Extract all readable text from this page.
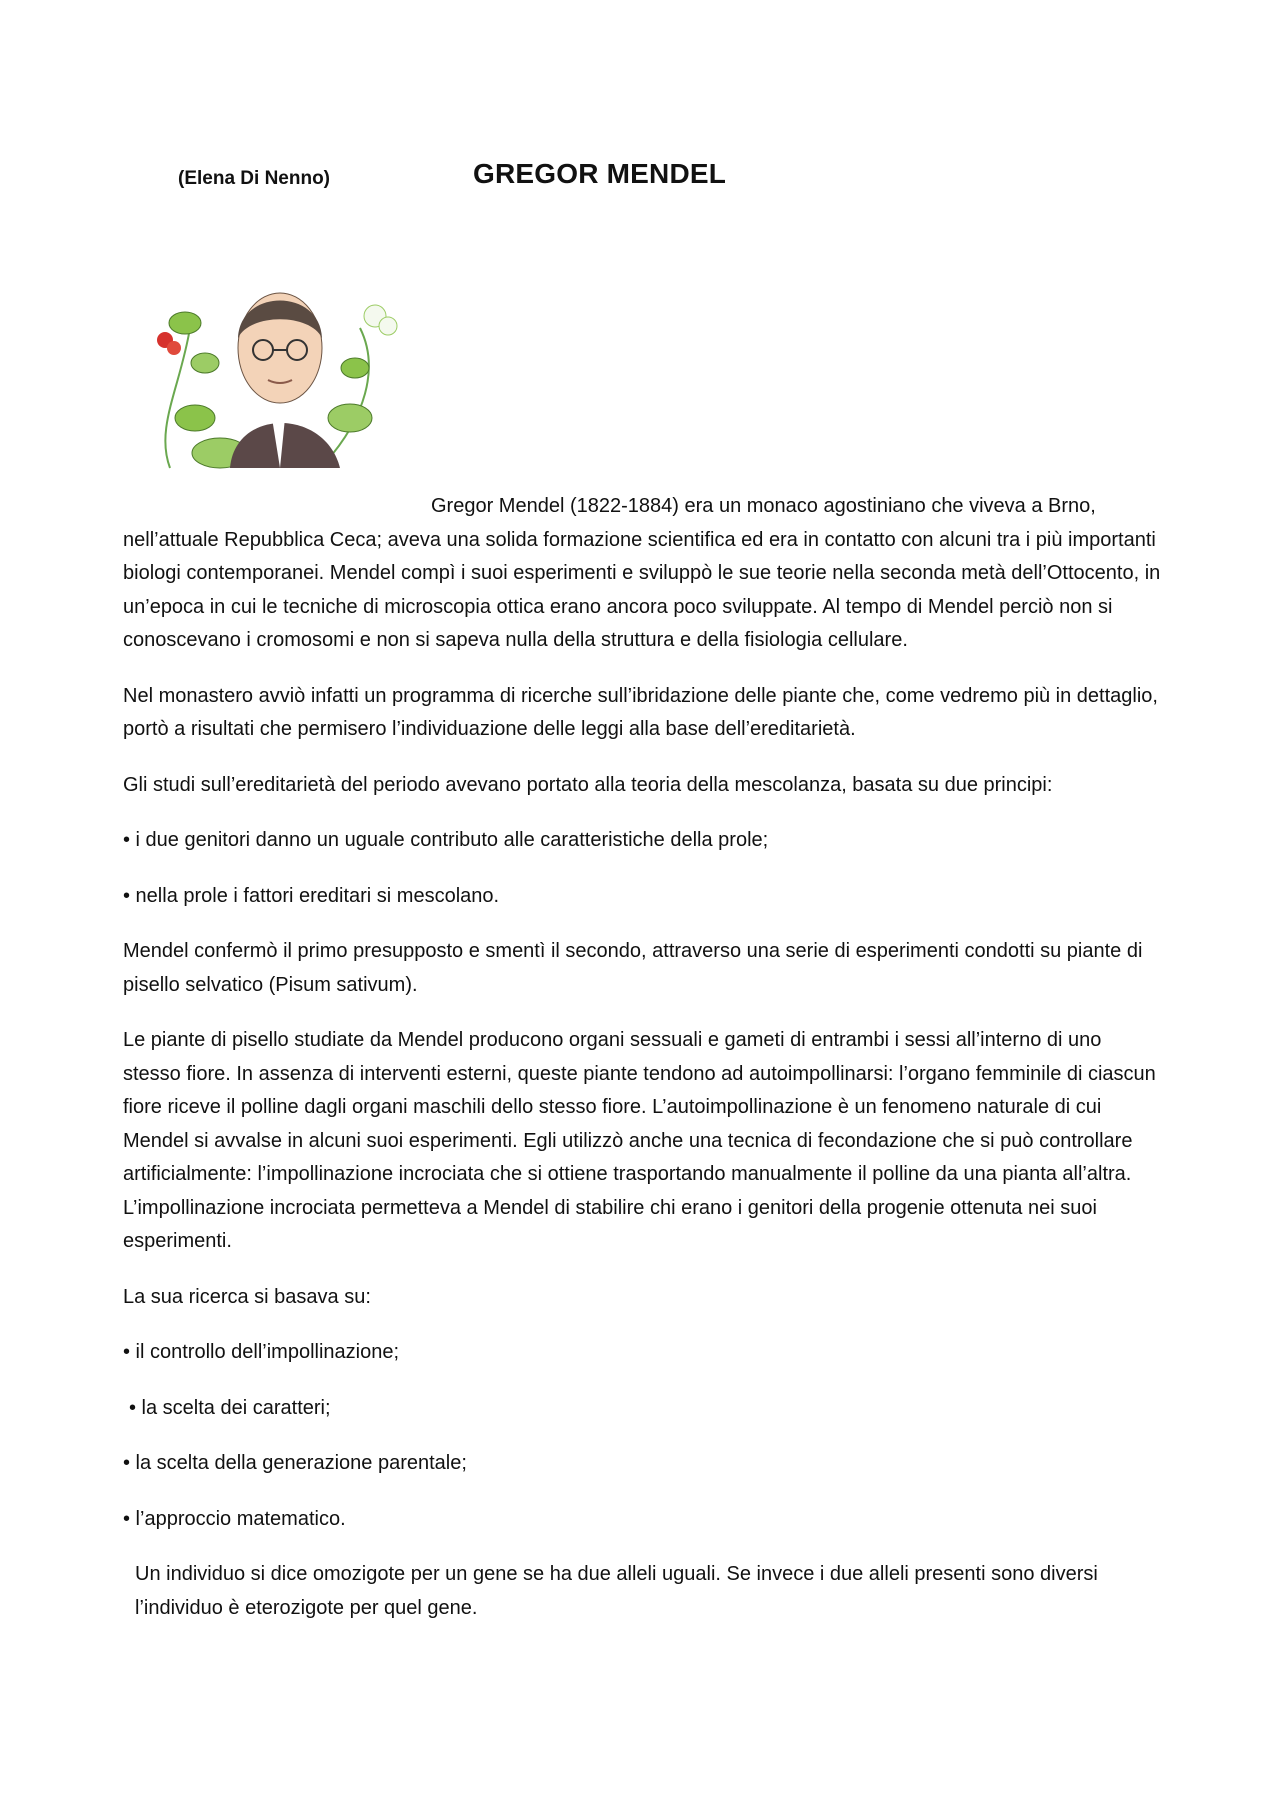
(Elena Di Nenno)	GREGOR MENDEL

Gregor Mendel (1822-1884) era un monaco agostiniano che viveva a Brno, nell’attuale Repubblica Ceca; aveva una solida formazione scientifica ed era in contatto con alcuni tra i più importanti biologi contemporanei. Mendel compì i suoi esperimenti e sviluppò le sue teorie nella seconda metà dell’Ottocento, in un’epoca in cui le tecniche di microscopia ottica erano ancora poco sviluppate. Al tempo di Mendel perciò non si conoscevano i cromosomi e non si sapeva nulla della struttura e della fisiologia cellulare.

Nel monastero avviò infatti un programma di ricerche sull’ibridazione delle piante che, come vedremo più in dettaglio, portò a risultati che permisero l’individuazione delle leggi alla base dell’ereditarietà.

Gli studi sull’ereditarietà del periodo avevano portato alla teoria della mescolanza, basata su due principi:

• i due genitori danno un uguale contributo alle caratteristiche della prole;

• nella prole i fattori ereditari si mescolano.

Mendel confermò il primo presupposto e smentì il secondo, attraverso una serie di esperimenti condotti su piante di pisello selvatico (Pisum sativum).

Le piante di pisello studiate da Mendel producono organi sessuali e gameti di entrambi i sessi all’interno di uno stesso fiore. In assenza di interventi esterni, queste piante tendono ad autoimpollinarsi: l’organo femminile di ciascun fiore riceve il polline dagli organi maschili dello stesso fiore. L’autoimpollinazione è un fenomeno naturale di cui Mendel si avvalse in alcuni suoi esperimenti. Egli utilizzò anche una tecnica di fecondazione che si può controllare artificialmente: l’impollinazione incrociata che si ottiene trasportando manualmente il polline da una pianta all’altra. L’impollinazione incrociata permetteva a Mendel di stabilire chi erano i genitori della progenie ottenuta nei suoi esperimenti.

La sua ricerca si basava su:

• il controllo dell’impollinazione;

• la scelta dei caratteri;

• la scelta della generazione parentale;

• l’approccio matematico.

Un individuo si dice omozigote per un gene se ha due alleli uguali. Se invece i due alleli presenti sono diversi l’individuo è eterozigote per quel gene.
